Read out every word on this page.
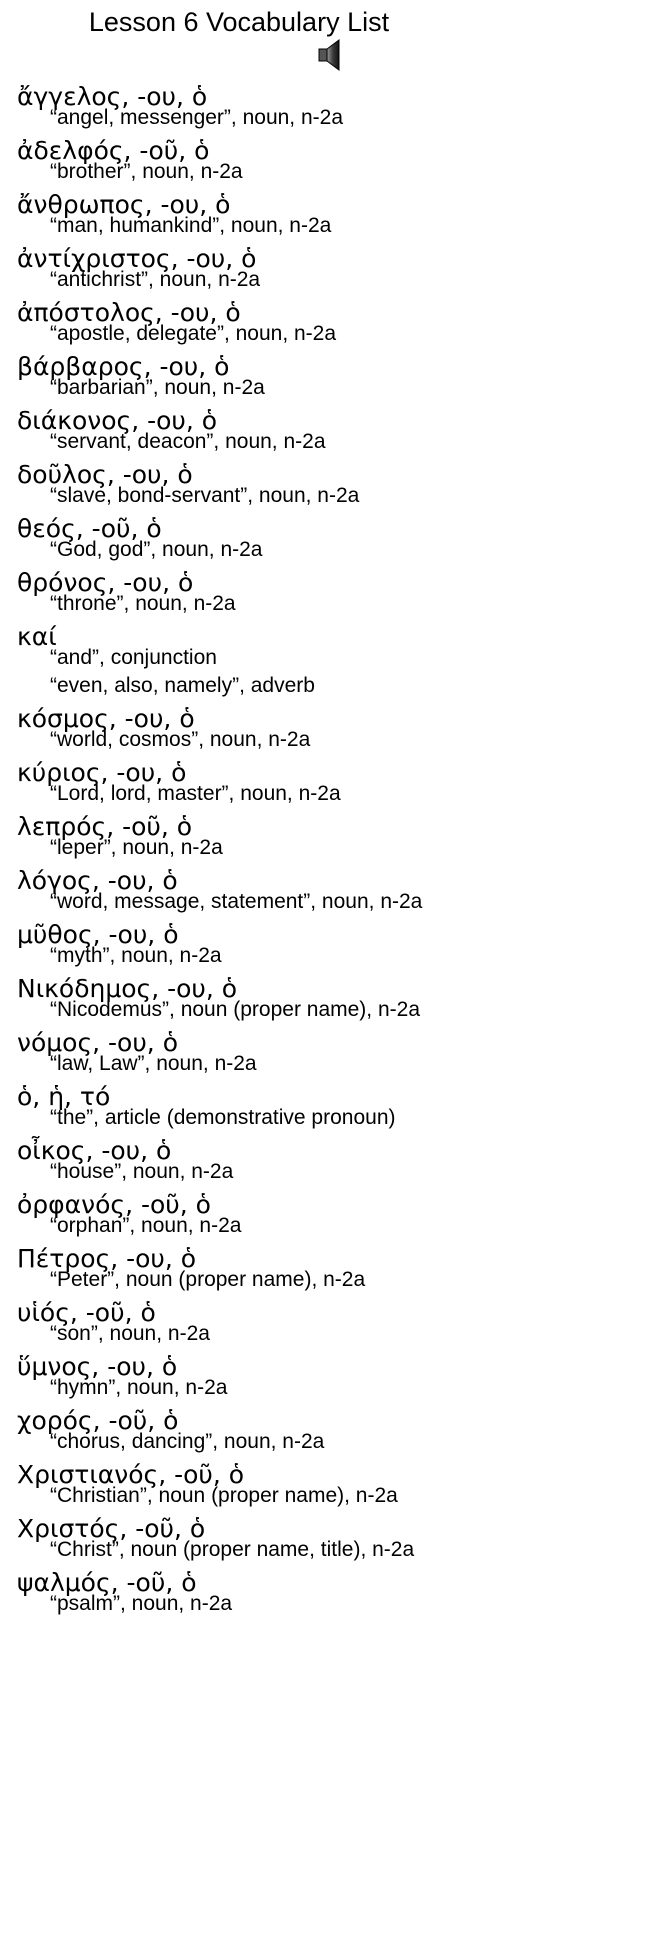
Lesson 6 Vocabulary List
ἄγγελος, -ου, ὁ
“angel, messenger”, noun, n-2a
ἀδελφός, -οῦ, ὁ
“brother”, noun, n-2a
ἄνθρωπος, -ου, ὁ
“man, humankind”, noun, n-2a
ἀντίχριστος, -ου, ὁ
“antichrist”, noun, n-2a
ἀπόστολος, -ου, ὁ
“apostle, delegate”, noun, n-2a
βάρβαρος, -ου, ὁ
“barbarian”, noun, n-2a
διάκονος, -ου, ὁ
“servant, deacon”, noun, n-2a
δοῦλος, -ου, ὁ
“slave, bond-servant”, noun, n-2a
θεός, -οῦ, ὁ
“God, god”, noun, n-2a
θρόνος, -ου, ὁ
“throne”, noun, n-2a
καί
“and”, conjunction
“even, also, namely”, adverb
κόσμος, -ου, ὁ
“world, cosmos”, noun, n-2a
κύριος, -ου, ὁ
“Lord, lord, master”, noun, n-2a
λεπρός, -οῦ, ὁ
“leper”, noun, n-2a
λόγος, -ου, ὁ
“word, message, statement”, noun, n-2a
μῦθος, -ου, ὁ
“myth”, noun, n-2a
Νικόδημος, -ου, ὁ
“Nicodemus”, noun (proper name), n-2a
νόμος, -ου, ὁ
“law, Law”, noun, n-2a
ὁ, ἡ, τό
“the”, article (demonstrative pronoun)
οἶκος, -ου, ὁ
“house”, noun, n-2a
ὀρφανός, -οῦ, ὁ
“orphan”, noun, n-2a
Πέτρος, -ου, ὁ
“Peter”, noun (proper name), n-2a
υἱός, -οῦ, ὁ
“son”, noun, n-2a
ὕμνος, -ου, ὁ
“hymn”, noun, n-2a
χορός, -οῦ, ὁ
“chorus, dancing”, noun, n-2a
Χριστιανός, -οῦ, ὁ
“Christian”, noun (proper name), n-2a
Χριστός, -οῦ, ὁ
“Christ”, noun (proper name, title), n-2a
ψαλμός, -οῦ, ὁ
“psalm”, noun, n-2a
